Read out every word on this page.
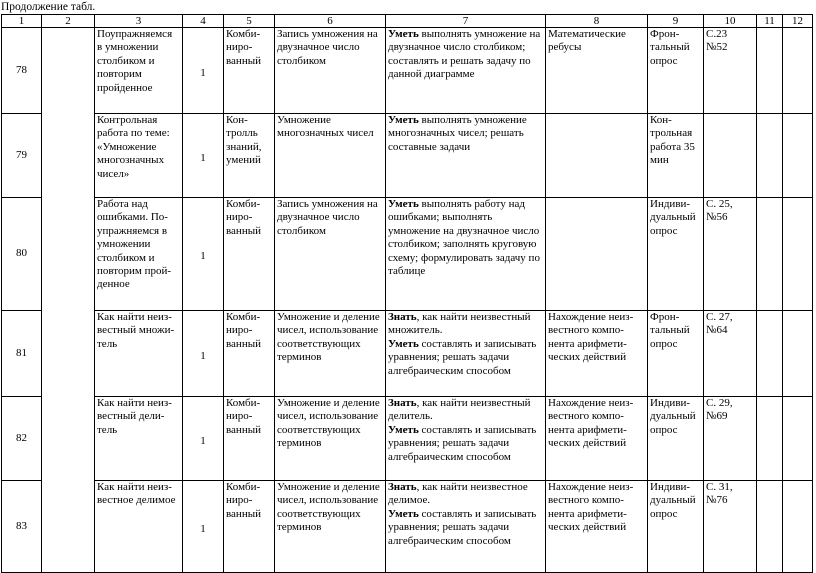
Продолжение табл.
1	2	3	4	5	6	7	8	9	10	11	12
78		Поупражняемся в умножении столбиком и повторим пройденное	1	Комби-
ниро-
ванный	Запись умножения на двузначное число столбиком	Уметь выполнять умножение на двузначное число столбиком; составлять и решать задачу по данной диаграмме	Математические ребусы	Фрон-
тальный
опрос	С.23
№52		
79		Контрольная работа по теме: «Умножение многозначных чисел»	1	Кон-
тролль
знаний,
умений	Умножение многозначных чисел	Уметь выполнять умножение многозначных чисел; решать составные задачи		Кон-
трольная
работа 35
мин			
80		Работа над ошибками. По-
упражняемся в умножении столбиком и повторим прой-
денное	1	Комби-
ниро-
ванный	Запись умножения на двузначное число столбиком	Уметь выполнять работу над ошибками; выполнять умножение на двузначное число столбиком; заполнять круговую схему; формулировать задачу по таблице		Индиви-
дуальный
опрос	С. 25,
№56		
81		Как найти неиз-
вестный множи-
тель	1	Комби-
ниро-
ванный	Умножение и деление чисел, использование соответствующих терминов	Знать, как найти неизвестный множитель.
Уметь составлять и записывать уравнения; решать задачи алгебраическим способом	Нахождение неиз-
вестного компо-
нента арифмети-
ческих действий	Фрон-
тальный
опрос	С. 27,
№64		
82		Как найти неиз-
вестный дели-
тель	1	Комби-
ниро-
ванный	Умножение и деление чисел, использование соответствующих терминов	Знать, как найти неизвестный делитель.
Уметь составлять и записывать уравнения; решать задачи алгебраическим способом	Нахождение неиз-
вестного компо-
нента арифмети-
ческих действий	Индиви-
дуальный
опрос	С. 29,
№69		
83		Как найти неиз-
вестное делимое	1	Комби-
ниро-
ванный	Умножение и деление чисел, использование соответствующих терминов	Знать, как найти неизвестное делимое.
Уметь составлять и записывать уравнения; решать задачи алгебраическим способом	Нахождение неиз-
вестного компо-
нента арифмети-
ческих действий	Индиви-
дуальный
опрос	С. 31,
№76		
